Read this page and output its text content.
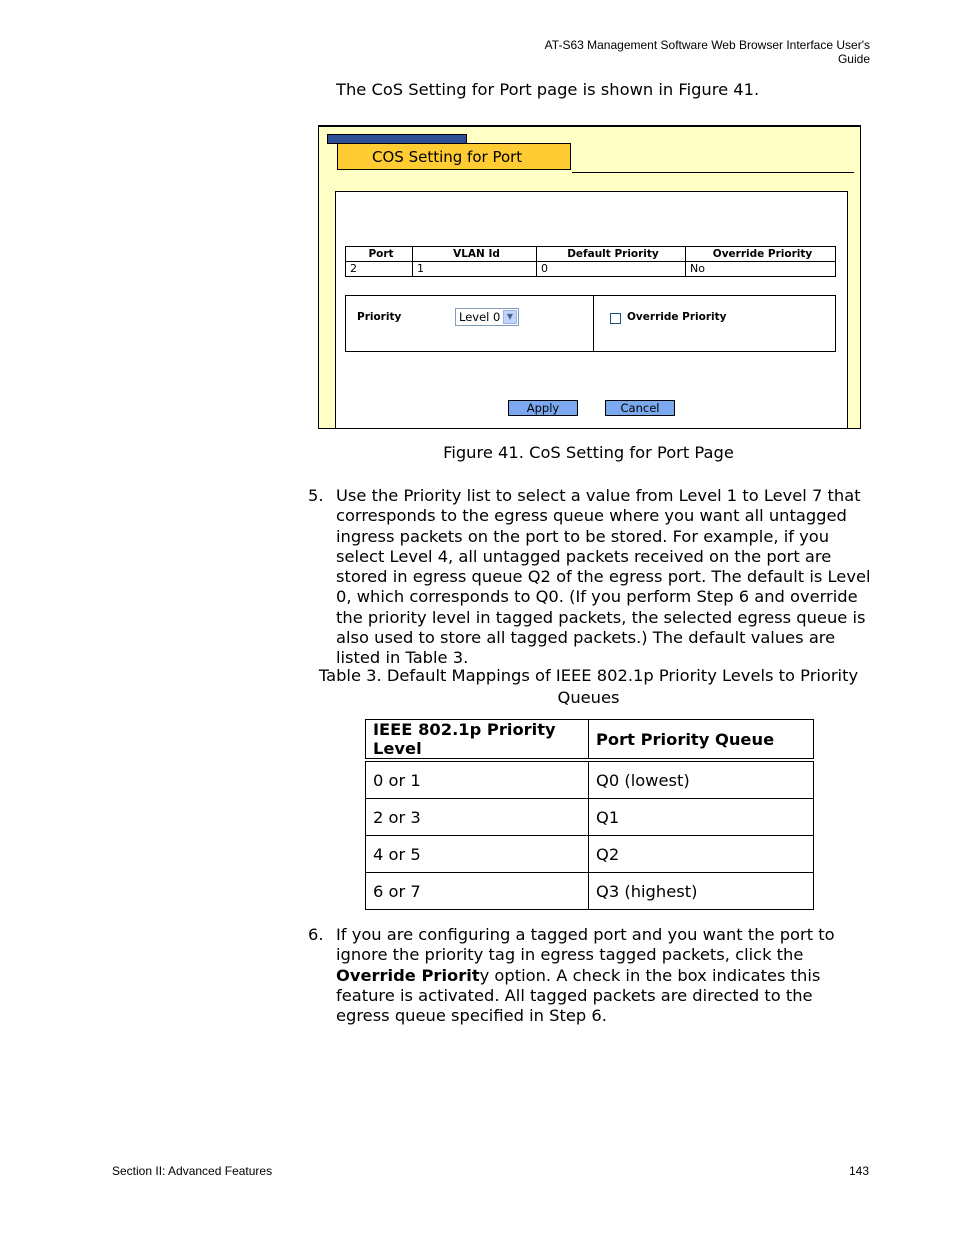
AT-S63 Management Software Web Browser Interface User's Guide
The CoS Setting for Port page is shown in Figure 41.
COS Setting for Port
Port	VLAN Id	Default Priority	Override Priority
2	1	0	No
Priority	Level 0 ▼	Override Priority
Apply	Cancel
Figure 41. CoS Setting for Port Page
5. Use the Priority list to select a value from Level 1 to Level 7 that corresponds to the egress queue where you want all untagged ingress packets on the port to be stored. For example, if you select Level 4, all untagged packets received on the port are stored in egress queue Q2 of the egress port. The default is Level 0, which corresponds to Q0. (If you perform Step 6 and override the priority level in tagged packets, the selected egress queue is also used to store all tagged packets.) The default values are listed in Table 3.
Table 3. Default Mappings of IEEE 802.1p Priority Levels to Priority
Queues
IEEE 802.1p Priority Level	Port Priority Queue
0 or 1	Q0 (lowest)
2 or 3	Q1
4 or 5	Q2
6 or 7	Q3 (highest)
6. If you are configuring a tagged port and you want the port to ignore the priority tag in egress tagged packets, click the Override Priority option. A check in the box indicates this feature is activated. All tagged packets are directed to the egress queue specified in Step 6.
Section II: Advanced Features	143
